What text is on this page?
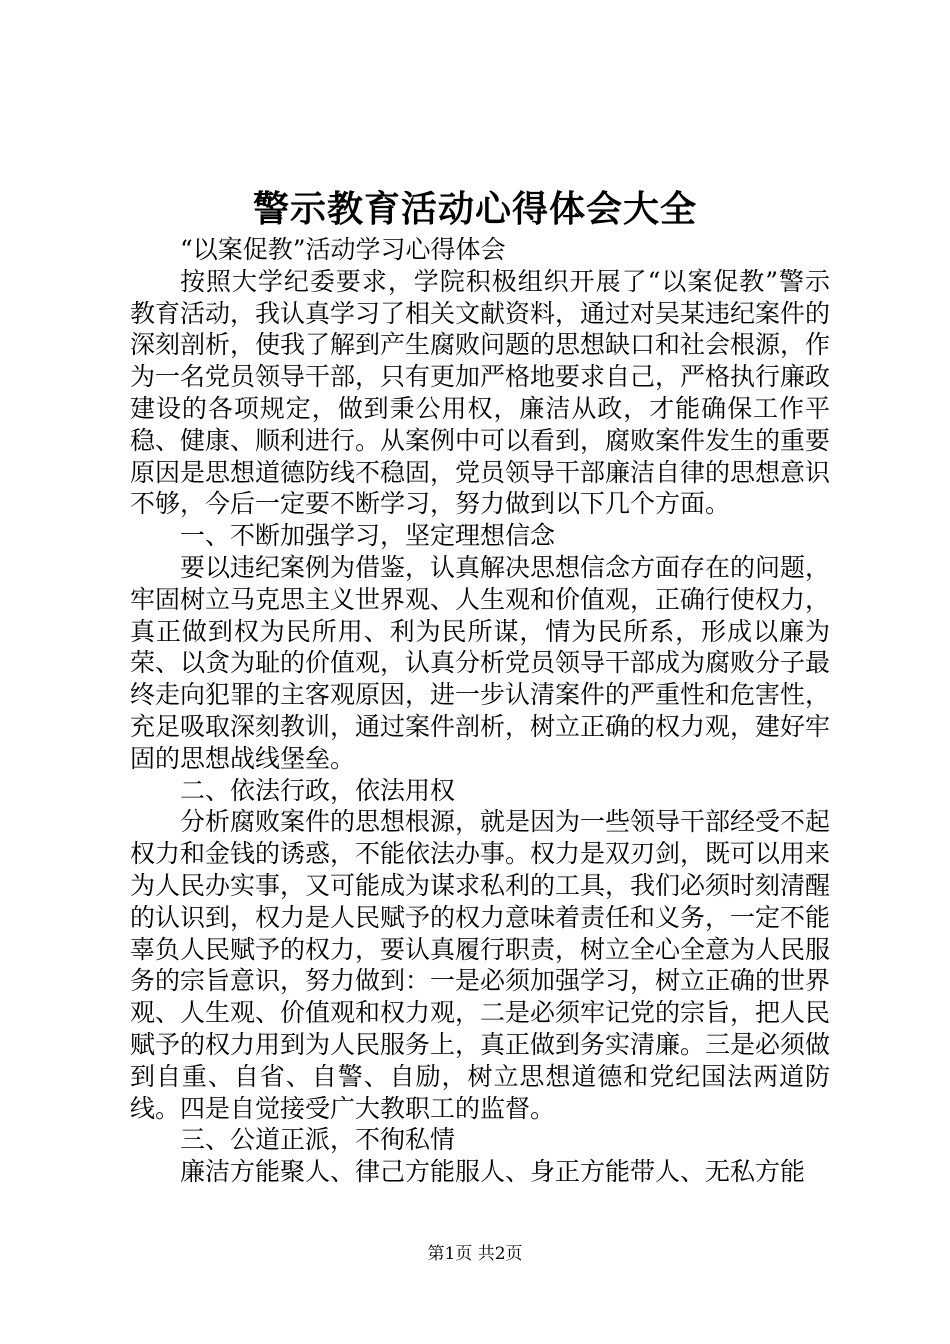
警示教育活动心得体会大全

“以案促教”活动学习心得体会

按照大学纪委要求，学院积极组织开展了“以案促教”警示教育活动，我认真学习了相关文献资料，通过对吴某违纪案件的深刻剖析，使我了解到产生腐败问题的思想缺口和社会根源，作为一名党员领导干部，只有更加严格地要求自己，严格执行廉政建设的各项规定，做到秉公用权，廉洁从政，才能确保工作平稳、健康、顺利进行。从案例中可以看到，腐败案件发生的重要原因是思想道德防线不稳固，党员领导干部廉洁自律的思想意识不够，今后一定要不断学习，努力做到以下几个方面。

一、不断加强学习，坚定理想信念

要以违纪案例为借鉴，认真解决思想信念方面存在的问题，牢固树立马克思主义世界观、人生观和价值观，正确行使权力，真正做到权为民所用、利为民所谋，情为民所系，形成以廉为荣、以贪为耻的价值观，认真分析党员领导干部成为腐败分子最终走向犯罪的主客观原因，进一步认清案件的严重性和危害性，充足吸取深刻教训，通过案件剖析，树立正确的权力观，建好牢固的思想战线堡垒。

二、依法行政，依法用权

分析腐败案件的思想根源，就是因为一些领导干部经受不起权力和金钱的诱惑，不能依法办事。权力是双刃剑，既可以用来为人民办实事，又可能成为谋求私利的工具，我们必须时刻清醒的认识到，权力是人民赋予的权力意味着责任和义务，一定不能辜负人民赋予的权力，要认真履行职责，树立全心全意为人民服务的宗旨意识，努力做到：一是必须加强学习，树立正确的世界观、人生观、价值观和权力观，二是必须牢记党的宗旨，把人民赋予的权力用到为人民服务上，真正做到务实清廉。三是必须做到自重、自省、自警、自励，树立思想道德和党纪国法两道防线。四是自觉接受广大教职工的监督。

三、公道正派，不徇私情

廉洁方能聚人、律己方能服人、身正方能带人、无私方能

第1页 共2页
